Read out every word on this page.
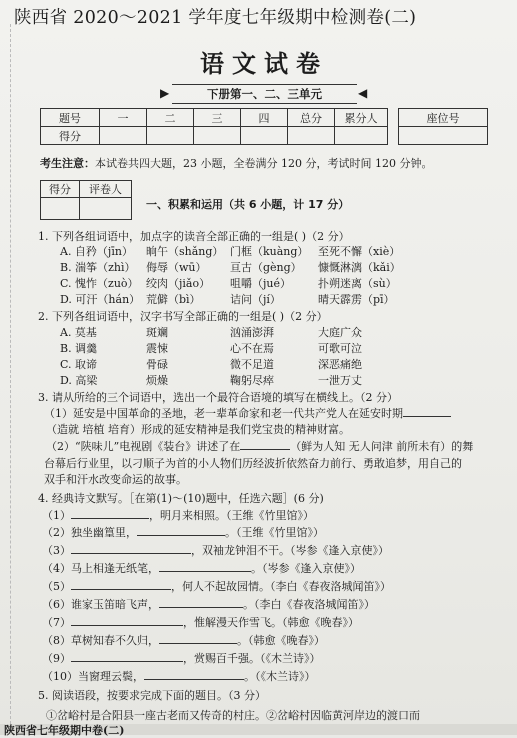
陕西省 2020～2021 学年度七年级期中检测卷(二)
语文试卷
▶	下册第一、二、三单元	◀
题号	一	二	三	四	总分	累分人
得分						
座位号

考生注意：本试卷共四大题，23 小题，全卷满分 120 分，考试时间 120 分钟。
得分	评卷人

一、积累和运用（共 6 小题，计 17 分）
1. 下列各组词语中，加点字的读音全部正确的一组是( )（2 分）
A. 自矜（jīn） 晌午（shǎng） 门框（kuàng） 至死不懈（xiè）
B. 湍筝（zhì） 侮辱（wū） 亘古（gèng） 慷慨淋漓（kǎi）
C. 愧怍（zuò） 绞肉（jiǎo） 咀嚼（jué） 扑朔迷离（sù）
D. 可汗（hán） 荒僻（bì）	诘问（jí）	晴天霹雳（pī）
2. 下列各组词语中，汉字书写全部正确的一组是( )（2 分）
A. 莫基	斑斓	汹涌澎湃	大庭广众
B. 调羹	震悚	心不在焉	可歌可泣
C. 取谛	骨碌	微不足道	深恶痛绝
D. 高梁	烦燥	鞠躬尽瘁	一泄万丈
3. 请从所给的三个词语中，选出一个最符合语境的填写在横线上。（2 分）
（1）延安是中国革命的圣地，老一辈革命家和老一代共产党人在延安时期
（造就 培植 培育）形成的延安精神是我们党宝贵的精神财富。
（2）“陕味儿”电视剧《装台》讲述了在	（鲜为人知 无人问津 前所未有）的舞
台幕后行业里，以刁顺子为首的小人物们历经波折依然奋力前行、勇敢追梦，用自己的
双手和汗水改变命运的故事。
4. 经典诗文默写。［在第(1)～(10)题中，任选六题］(6 分)
（1）	，明月来相照。（王维《竹里馆》）
（2）独坐幽篁里，	。（王维《竹里馆》）
（3）	，双袖龙钟泪不干。（岑参《逢入京使》）
（4）马上相逢无纸笔，	。（岑参《逢入京使》）
（5）	，何人不起故园情。（李白《春夜洛城闻笛》）
（6）谁家玉笛暗飞声，	。（李白《春夜洛城闻笛》）
（7）	，惟解漫天作雪飞。（韩愈《晚春》）
（8）草树知春不久归，	。（韩愈《晚春》）
（9）	，赏赐百千强。（《木兰诗》）
（10）当窗理云鬓，	。（《木兰诗》）
5. 阅读语段，按要求完成下面的题目。（3 分）
①岔峪村是合阳县一座古老而又传奇的村庄。②岔峪村因临黄河岸边的渡口而
陕西省七年级期中卷(二)
